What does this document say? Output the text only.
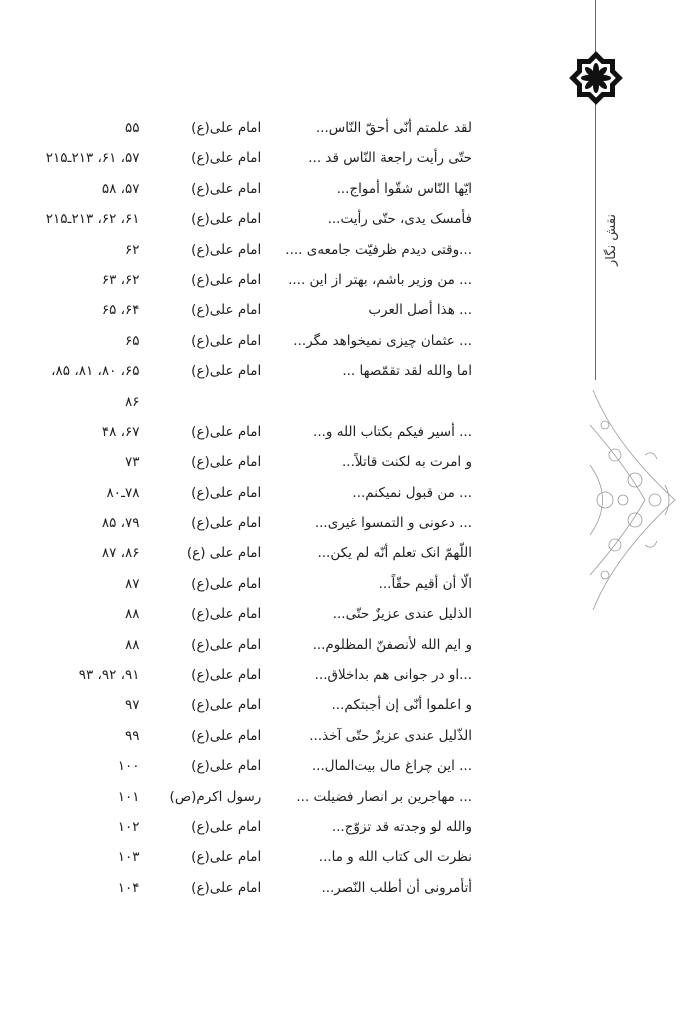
نقش نگار
لقد علمتم أنّی أحقّ النّاس...	امام علی(ع)	۵۵
حتّی رأیت راجعة النّاس قد ...	امام علی(ع)	۵۷، ۶۱، ۲۱۳ـ۲۱۵
ایّها النّاس شقّوا أمواج...	امام علی(ع)	۵۷، ۵۸
فأمسک یدی، حتّی رأیت...	امام علی(ع)	۶۱، ۶۲، ۲۱۳ـ۲۱۵
...وقتی دیدم ظرفیّت جامعه‌ی ....	امام علی(ع)	۶۲
... من وزیر باشم، بهتر از این ....	امام علی(ع)	۶۲، ۶۳
... هذا أصل العرب	امام علی(ع)	۶۴، ۶۵
... عثمان چیزی نمیخواهد مگر...	امام علی(ع)	۶۵
اما والله لقد تقمّصها ...	امام علی(ع)	۶۵، ۸۰، ۸۱، ۸۵،
		۸۶
... أسیر فیکم بکتاب الله و...	امام علی(ع)	۶۷، ۴۸
و امرت به لکنت قاتلاً...	امام علی(ع)	۷۳
... من قبول نمیکنم...	امام علی(ع)	۷۸ـ۸۰
... دعونی و التمسوا غیری...	امام علی(ع)	۷۹، ۸۵
اللّهمّ انک تعلم أنّه لم یکن...	امام علی (ع)	۸۶، ۸۷
الّا أن أقیم حقّاً...	امام علی(ع)	۸۷
الذلیل عندی عزیزٌ حتّی...	امام علی(ع)	۸۸
و ایم الله لأنصفنّ المظلوم...	امام علی(ع)	۸۸
...او در جوانی هم بداخلاق...	امام علی(ع)	۹۱، ۹۲، ۹۳
و اعلموا أنّی إن أجبتکم...	امام علی(ع)	۹۷
الذّلیل عندی عزیزٌ حتّی آخذ...	امام علی(ع)	۹۹
... این چراغ مال بیت‌المال...	امام علی(ع)	۱۰۰
... مهاجرین بر انصار فضیلت ...	رسول اکرم(ص)	۱۰۱
والله لو وجدته قد تزوّج...	امام علی(ع)	۱۰۲
نظرت الی کتاب الله و ما...	امام علی(ع)	۱۰۳
أتأمرونی أن أطلب النّصر...	امام علی(ع)	۱۰۴
